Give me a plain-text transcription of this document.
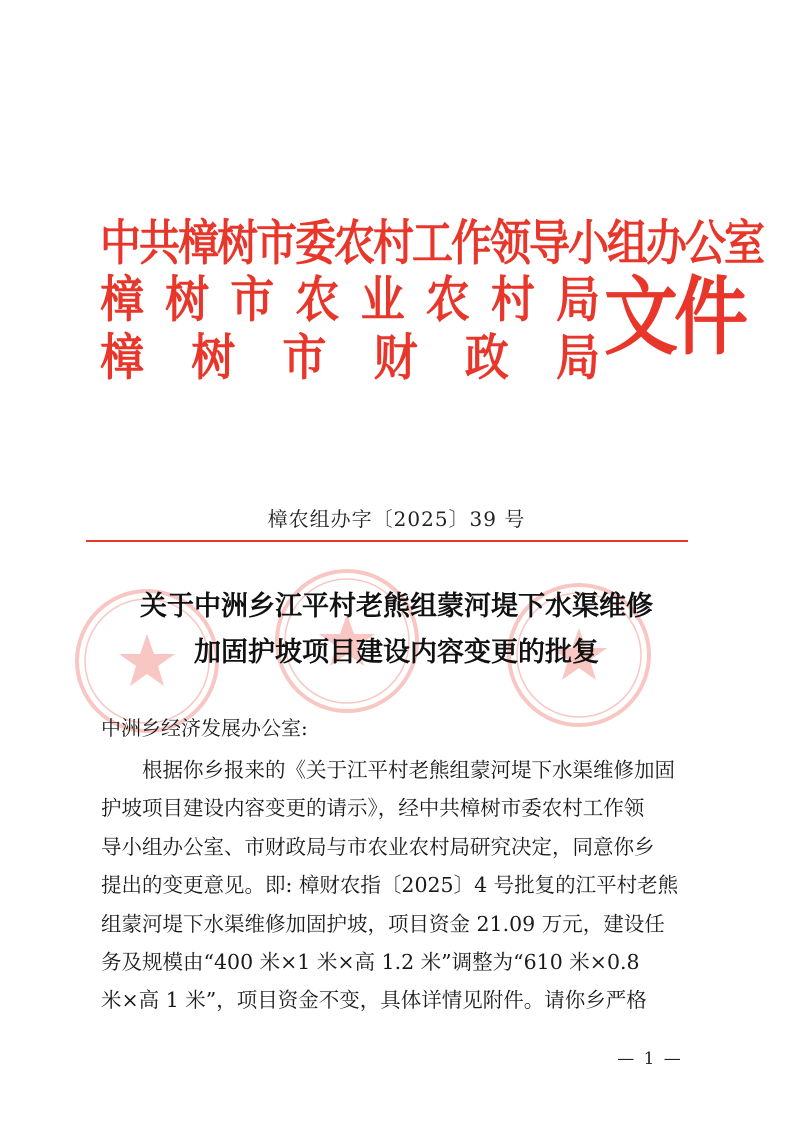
中 共 樟 树 市 委 农 村 工 作 领 导 小 组 办 公 室
樟 树 市 农 业 农 村 局
樟 树 市 财 政 局 文件
樟农组办字〔2025〕39 号
关于中洲乡江平村老熊组蒙河堤下水渠维修
加固护坡项目建设内容变更的批复
中洲乡经济发展办公室:
根据你乡报来的《关于江平村老熊组蒙河堤下水渠维修加固
护坡项目建设内容变更的请示》，经中共樟树市委农村工作领
导小组办公室、市财政局与市农业农村局研究决定，同意你乡
提出的变更意见。即: 樟财农指〔2025〕4 号批复的江平村老熊
组蒙河堤下水渠维修加固护坡，项目资金 21.09 万元，建设任
务及规模由“400 米×1 米×高 1.2 米”调整为“610 米×0.8
米×高 1 米”，项目资金不变，具体详情见附件。请你乡严格
— 1 —
